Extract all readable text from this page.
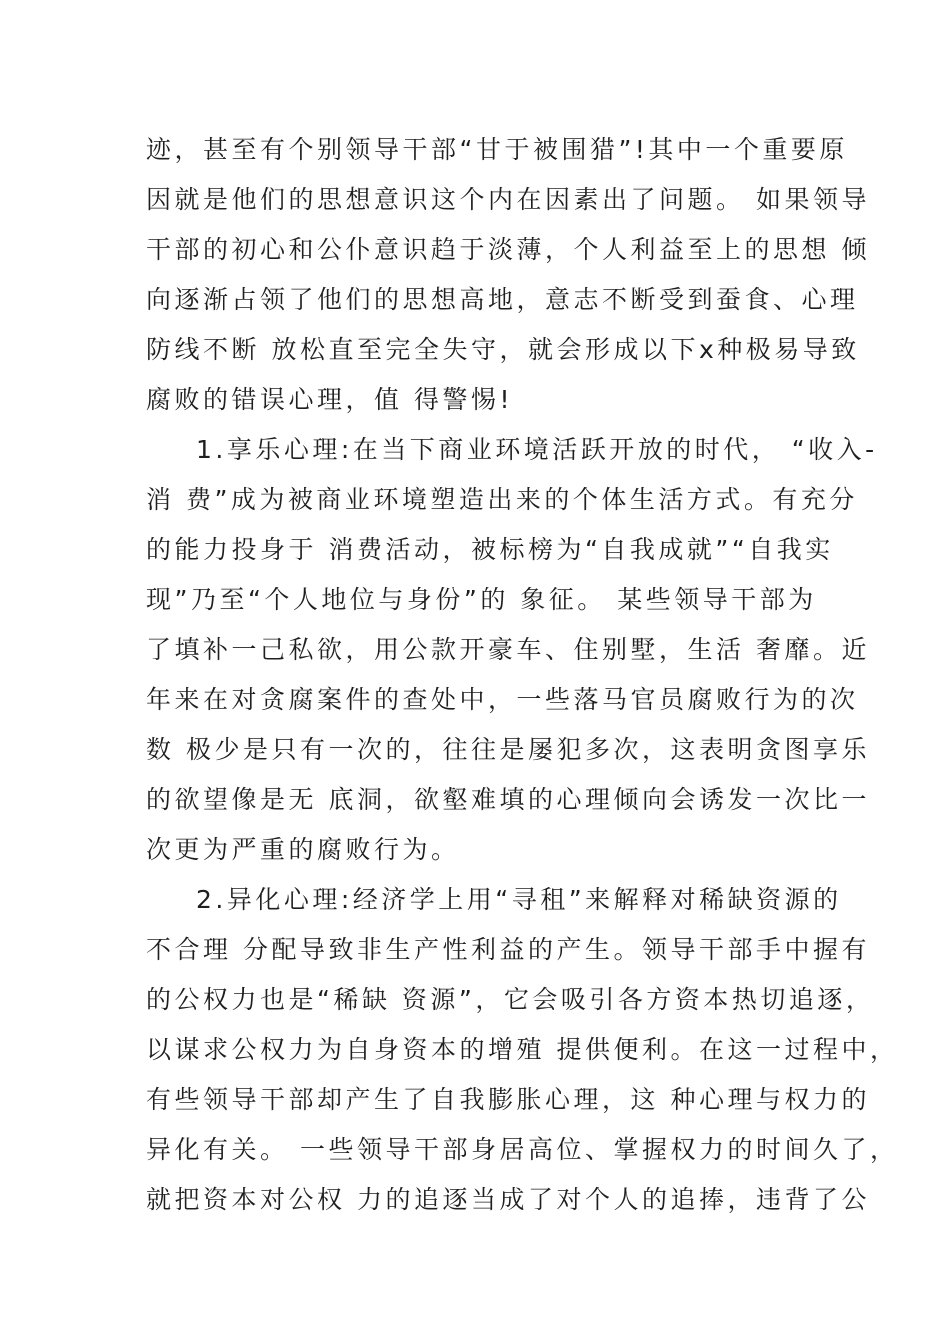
迹，甚至有个别领导干部“甘于被围猎”!其中一个重要原
因就是他们的思想意识这个内在因素出了问题。 如果领导
干部的初心和公仆意识趋于淡薄，个人利益至上的思想 倾
向逐渐占领了他们的思想高地，意志不断受到蚕食、心理
防线不断 放松直至完全失守，就会形成以下x种极易导致
腐败的错误心理，值 得警惕!
1.享乐心理:在当下商业环境活跃开放的时代， “收入-
消 费”成为被商业环境塑造出来的个体生活方式。有充分
的能力投身于 消费活动，被标榜为“自我成就”“自我实
现”乃至“个人地位与身份”的 象征。 某些领导干部为
了填补一己私欲，用公款开豪车、住别墅，生活 奢靡。近
年来在对贪腐案件的查处中，一些落马官员腐败行为的次
数 极少是只有一次的，往往是屡犯多次，这表明贪图享乐
的欲望像是无 底洞，欲壑难填的心理倾向会诱发一次比一
次更为严重的腐败行为。
2.异化心理:经济学上用“寻租”来解释对稀缺资源的
不合理 分配导致非生产性利益的产生。领导干部手中握有
的公权力也是“稀缺 资源”，它会吸引各方资本热切追逐，
以谋求公权力为自身资本的增殖 提供便利。在这一过程中，
有些领导干部却产生了自我膨胀心理，这 种心理与权力的
异化有关。 一些领导干部身居高位、掌握权力的时间久了，
就把资本对公权 力的追逐当成了对个人的追捧，违背了公
